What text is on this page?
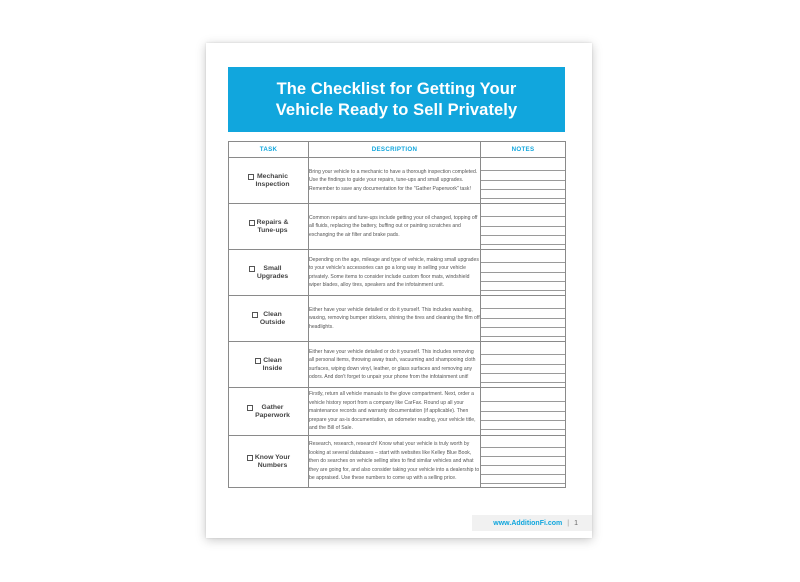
The Checklist for Getting Your
Vehicle Ready to Sell Privately
TASK	DESCRIPTION	NOTES

Mechanic
Inspection	Bring your vehicle to a mechanic to have a thorough inspection completed. Use the findings to guide your repairs, tune-ups and small upgrades. Remember to save any documentation for the "Gather Paperwork" task!	

Repairs &
Tune-ups	Common repairs and tune-ups include getting your oil changed, topping off all fluids, replacing the battery, buffing out or painting scratches and exchanging the air filter and brake pads.	

Small
Upgrades	Depending on the age, mileage and type of vehicle, making small upgrades to your vehicle's accessories can go a long way in selling your vehicle privately. Some items to consider include custom floor mats, windshield wiper blades, alloy tires, speakers and the infotainment unit.	

Clean
Outside	Either have your vehicle detailed or do it yourself. This includes washing, waxing, removing bumper stickers, shining the tires and cleaning the film off headlights.	

Clean
Inside	Either have your vehicle detailed or do it yourself. This includes removing all personal items, throwing away trash, vacuuming and shampooing cloth surfaces, wiping down vinyl, leather, or glass surfaces and removing any odors. And don't forget to unpair your phone from the infotainment unit!	

Gather
Paperwork	Firstly, return all vehicle manuals to the glove compartment. Next, order a vehicle history report from a company like CarFax. Round up all your maintenance records and warranty documentation (if applicable). Then prepare your as-is documentation, an odometer reading, your vehicle title, and the Bill of Sale.	

Know Your
Numbers	Research, research, research! Know what your vehicle is truly worth by looking at several databases – start with websites like Kelley Blue Book, then do searches on vehicle selling sites to find similar vehicles and what they are going for, and also consider taking your vehicle into a dealership to be appraised. Use these numbers to come up with a selling price.	
www.AdditionFi.com | 1
